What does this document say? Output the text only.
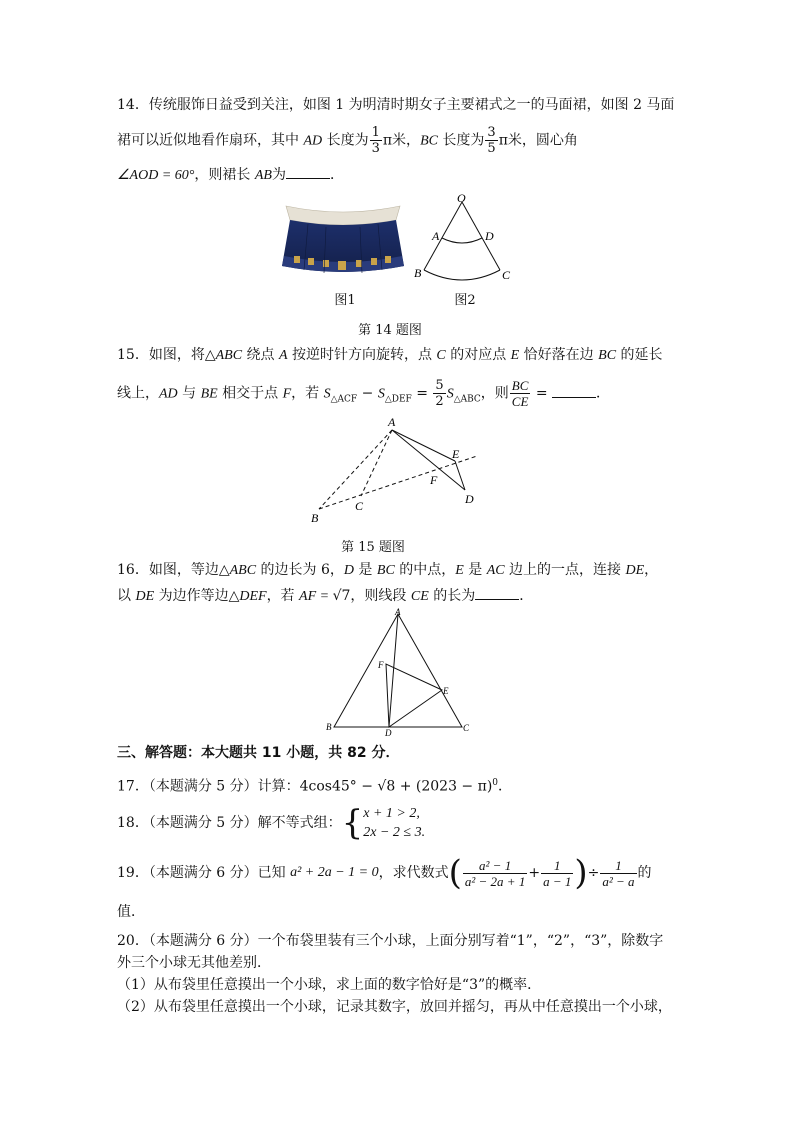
14．传统服饰日益受到关注，如图 1 为明清时期女子主要裙式之一的马面裙，如图 2 马面
裙可以近似地看作扇环，其中 AD 长度为 $\frac{1}{3}$ π米，BC 长度为 $\frac{3}{5}$ π米，圆心角
∠AOD = 60°，则裙长 AB为	．
图1
O
A	D
B	C
图2
第 14 题图
15．如图，将△ABC 绕点 A 按逆时针方向旋转，点 C 的对应点 E 恰好落在边 BC 的延长
线上，AD 与 BE 相交于点 F，若 $S_{\triangle ACF} - S_{\triangle DEF} = \frac{5}{2} S_{\triangle ABC}$，则 $\frac{BC}{CE}$ =	．
A
E
F
D
C
B
第 15 题图
16．如图，等边△ABC 的边长为 6，D 是 BC 的中点，E 是 AC 边上的一点，连接 DE，
以 DE 为边作等边△DEF，若 AF = √7，则线段 CE 的长为	．
A
F
E
B
D	C
三、解答题：本大题共 11 小题，共 82 分．
17．（本题满分 5 分）计算：$4\cos 45^\circ - √8 + (2023 - \pi)^0$．
18．（本题满分 5 分）解不等式组：{ x + 1 > 2,
2x − 2 ≤ 3.
19．（本题满分 6 分）已知 a² + 2a − 1 = 0，求代数式( $\frac{\text{a² − 1}}{\text{a² − 2a + 1}} + \frac{1}{a - 1}$ )÷ $\frac{1}{\text{a² − a}}$ 的
值．
20．（本题满分 6 分）一个布袋里装有三个小球，上面分别写着“1”，“2”，“3”，除数字
外三个小球无其他差别．
（1）从布袋里任意摸出一个小球，求上面的数字恰好是“3”的概率．
（2）从布袋里任意摸出一个小球，记录其数字，放回并摇匀，再从中任意摸出一个小球，
